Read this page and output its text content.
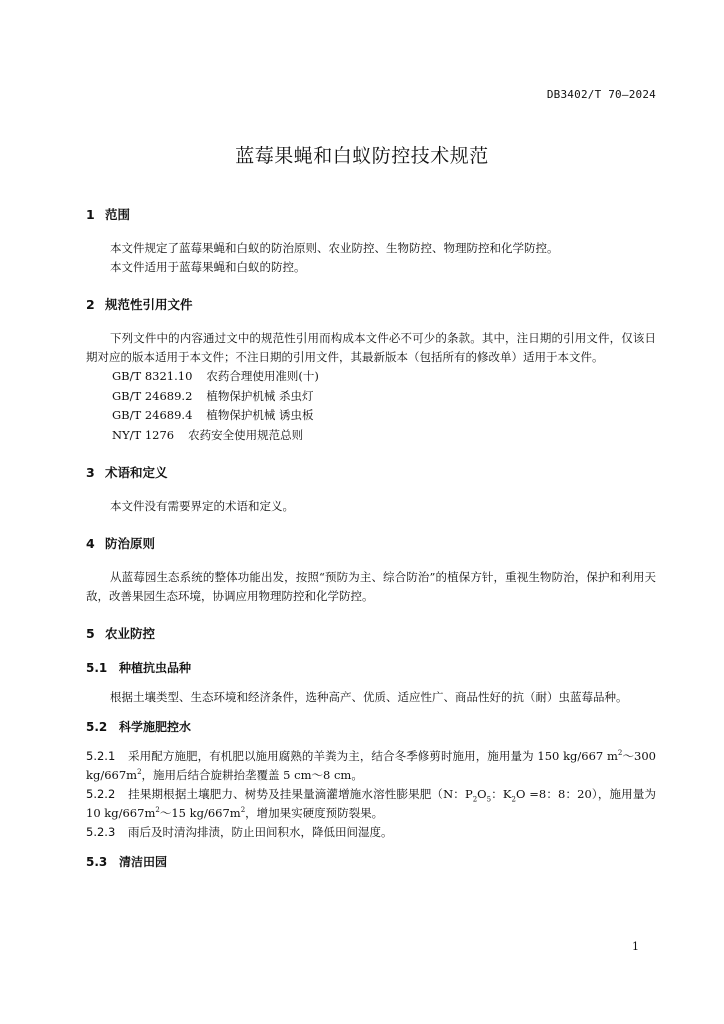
DB3402/T 70—2024
蓝莓果蝇和白蚁防控技术规范
1 范围
本文件规定了蓝莓果蝇和白蚁的防治原则、农业防控、生物防控、物理防控和化学防控。
本文件适用于蓝莓果蝇和白蚁的防控。
2 规范性引用文件
下列文件中的内容通过文中的规范性引用而构成本文件必不可少的条款。其中，注日期的引用文件，仅该日期对应的版本适用于本文件；不注日期的引用文件，其最新版本（包括所有的修改单）适用于本文件。
GB/T 8321.10 农药合理使用准则(十)
GB/T 24689.2 植物保护机械 杀虫灯
GB/T 24689.4 植物保护机械 诱虫板
NY/T 1276 农药安全使用规范总则
3 术语和定义
本文件没有需要界定的术语和定义。
4 防治原则
从蓝莓园生态系统的整体功能出发，按照“预防为主、综合防治”的植保方针，重视生物防治，保护和利用天敌，改善果园生态环境，协调应用物理防控和化学防控。
5 农业防控
5.1 种植抗虫品种
根据土壤类型、生态环境和经济条件，选种高产、优质、适应性广、商品性好的抗（耐）虫蓝莓品种。
5.2 科学施肥控水
5.2.1 采用配方施肥，有机肥以施用腐熟的羊粪为主，结合冬季修剪时施用，施用量为 150 kg/667 $m^2\sim 300$ $kg/667m^2$，施用后结合旋耕抬垄覆盖 5 cm～8 cm。
5.2.2 挂果期根据土壤肥力、树势及挂果量滴灌增施水溶性膨果肥（N：$P_2O_5$：$K_2O =8$：8：20），施用量为 10 $kg/667m^2\sim 15$ $kg/667m^2$，增加果实硬度预防裂果。
5.2.3 雨后及时清沟排渍，防止田间积水，降低田间湿度。
5.3 清洁田园
1
